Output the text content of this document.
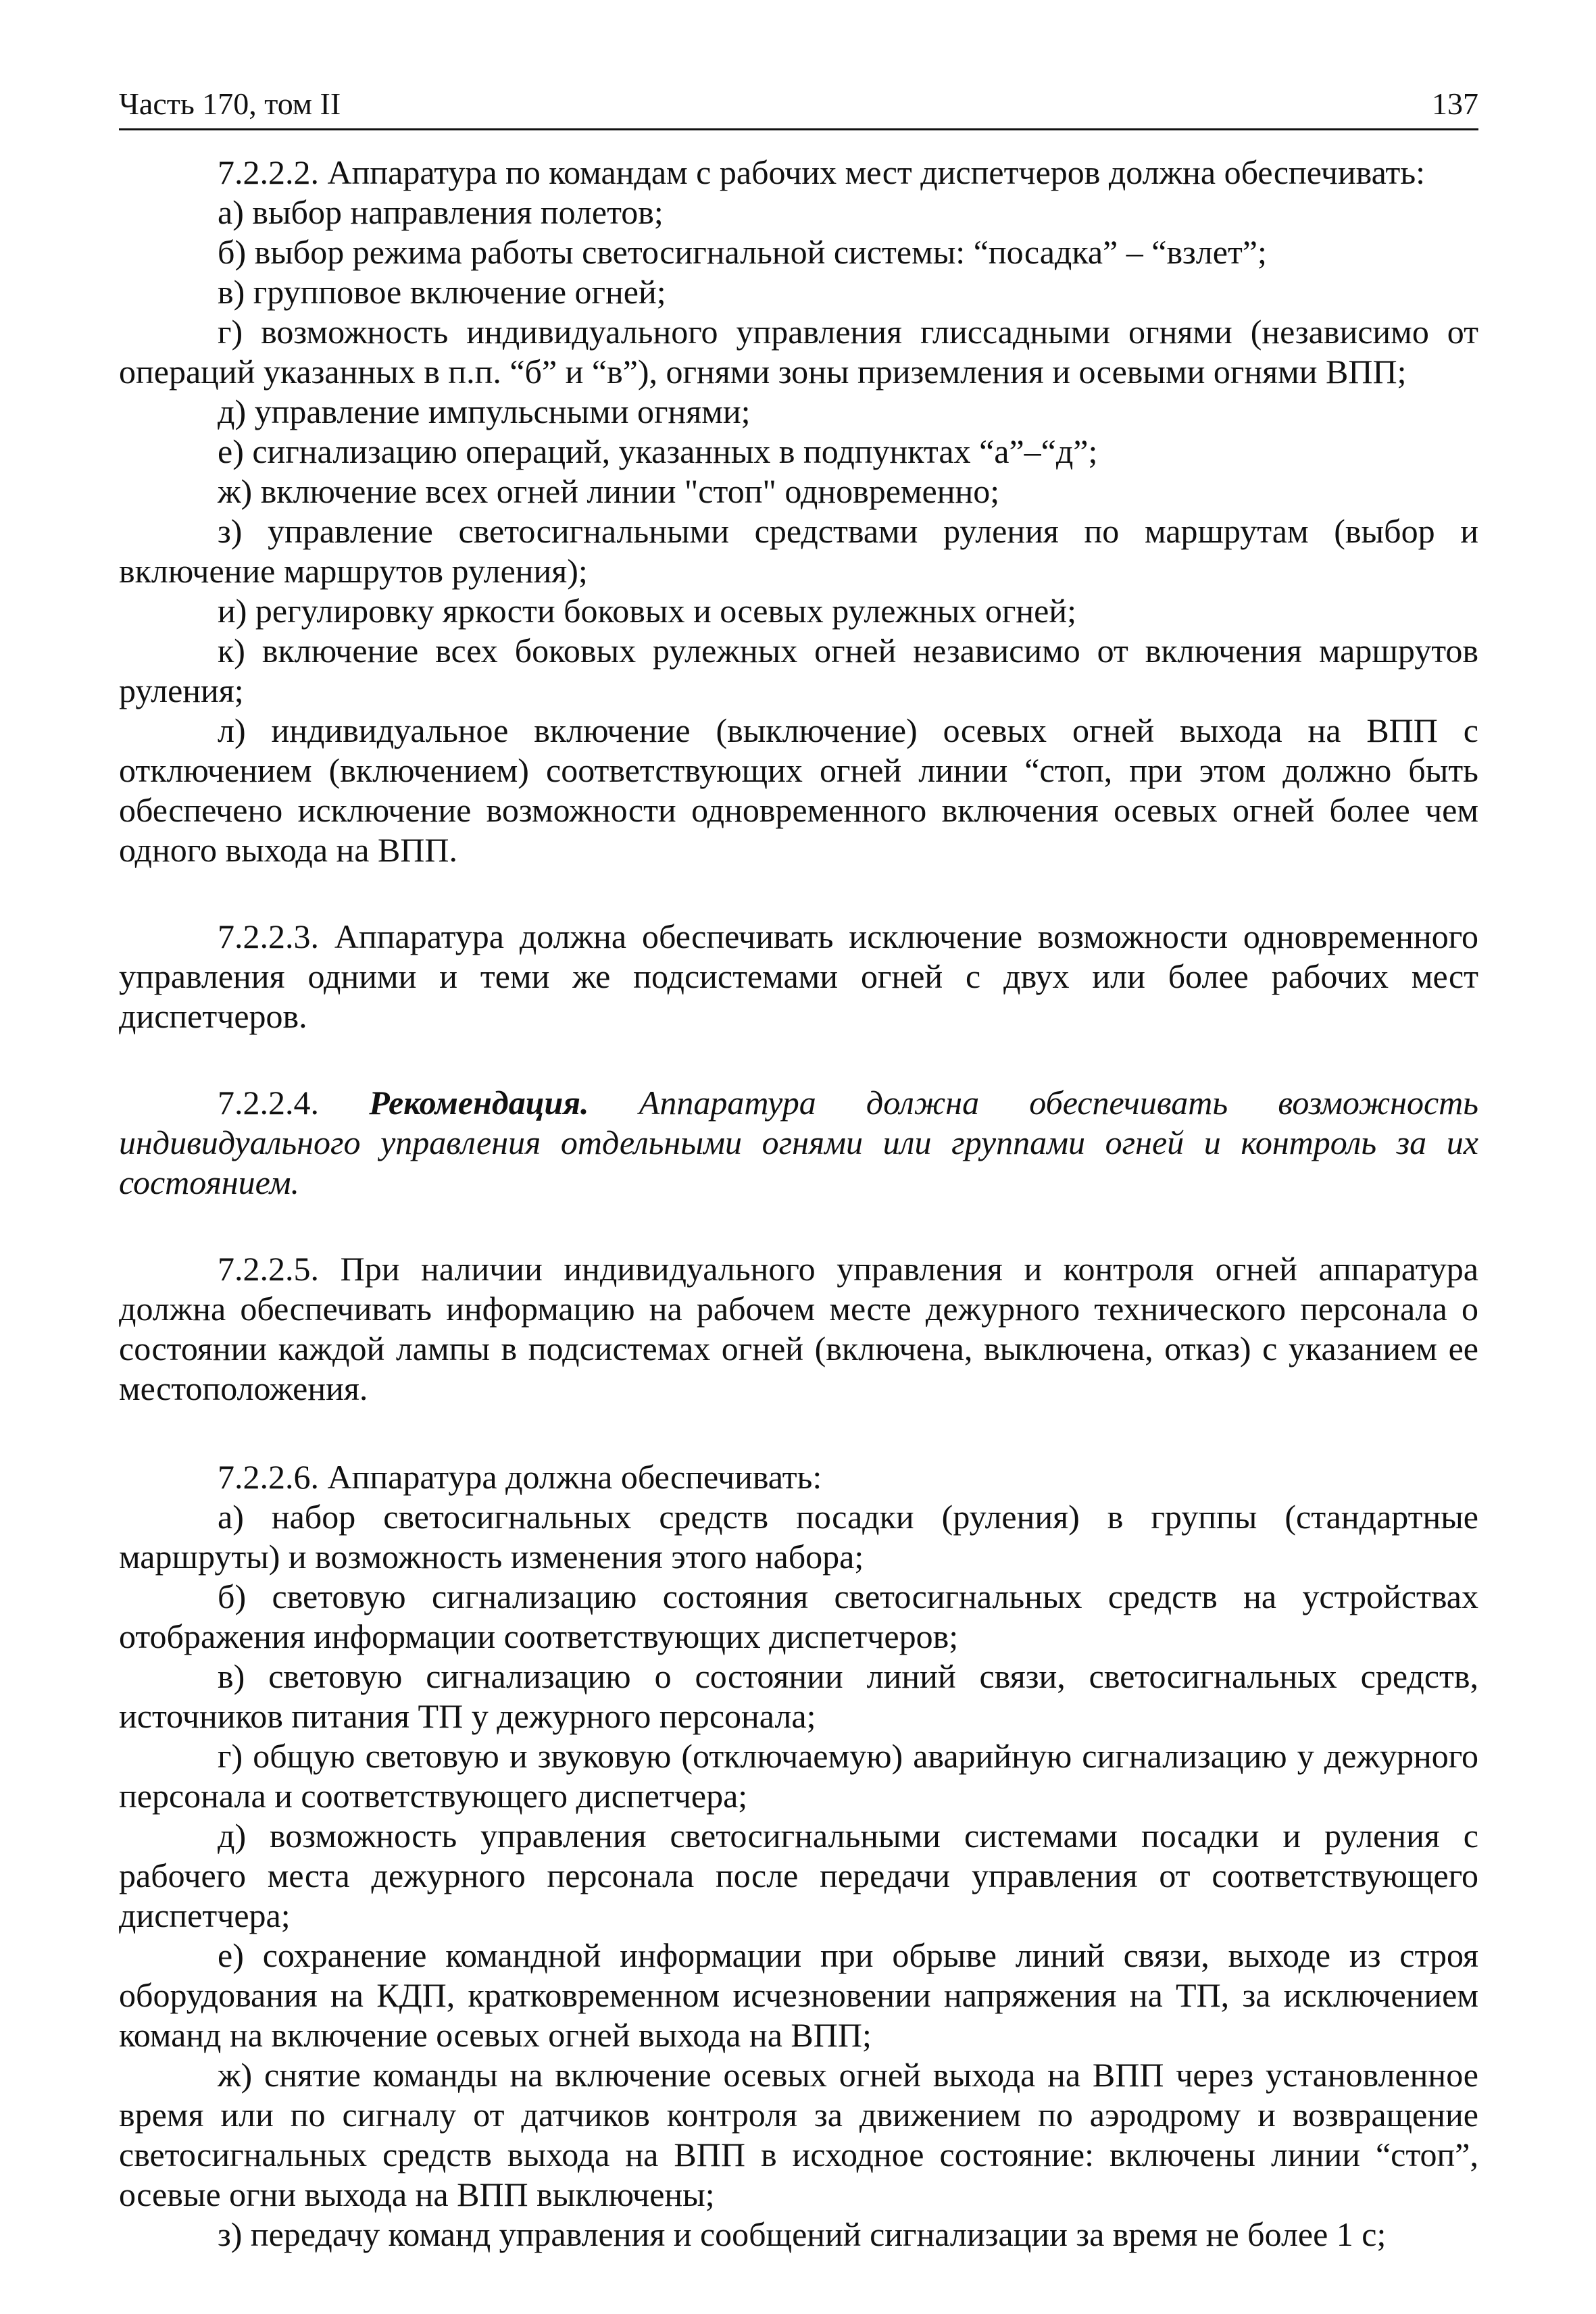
Часть 170, том II	137

7.2.2.2. Аппаратура по командам с рабочих мест диспетчеров должна обеспечивать:

а) выбор направления полетов;

б) выбор режима работы светосигнальной системы: “посадка” – “взлет”;

в) групповое включение огней;

г) возможность индивидуального управления глиссадными огнями (независимо от операций указанных в п.п. “б” и “в”), огнями зоны приземления и осевыми огнями ВПП;

д) управление импульсными огнями;

е) сигнализацию операций, указанных в подпунктах “а”–“д”;

ж) включение всех огней линии "стоп" одновременно;

з) управление светосигнальными средствами руления по маршрутам (выбор и включение маршрутов руления);

и) регулировку яркости боковых и осевых рулежных огней;

к) включение всех боковых рулежных огней независимо от включения маршрутов руления;

л) индивидуальное включение (выключение) осевых огней выхода на ВПП с отключением (включением) соответствующих огней линии “стоп, при этом должно быть обеспечено исключение возможности одновременного включения осевых огней более чем одного выхода на ВПП.

7.2.2.3. Аппаратура должна обеспечивать исключение возможности одновременного управления одними и теми же подсистемами огней с двух или более рабочих мест диспетчеров.

7.2.2.4. Рекомендация. Аппаратура должна обеспечивать возможность индивидуального управления отдельными огнями или группами огней и контроль за их состоянием.

7.2.2.5. При наличии индивидуального управления и контроля огней аппаратура должна обеспечивать информацию на рабочем месте дежурного технического персонала о состоянии каждой лампы в подсистемах огней (включена, выключена, отказ) с указанием ее местоположения.

7.2.2.6. Аппаратура должна обеспечивать:

а) набор светосигнальных средств посадки (руления) в группы (стандартные маршруты) и возможность изменения этого набора;

б) световую сигнализацию состояния светосигнальных средств на устройствах отображения информации соответствующих диспетчеров;

в) световую сигнализацию о состоянии линий связи, светосигнальных средств, источников питания ТП у дежурного персонала;

г) общую световую и звуковую (отключаемую) аварийную сигнализацию у дежурного персонала и соответствующего диспетчера;

д) возможность управления светосигнальными системами посадки и руления с рабочего места дежурного персонала после передачи управления от соответствующего диспетчера;

е) сохранение командной информации при обрыве линий связи, выходе из строя оборудования на КДП, кратковременном исчезновении напряжения на ТП, за исключением команд на включение осевых огней выхода на ВПП;

ж) снятие команды на включение осевых огней выхода на ВПП через установленное время или по сигналу от датчиков контроля за движением по аэродрому и возвращение светосигнальных средств выхода на ВПП в исходное состояние: включены линии “стоп”, осевые огни выхода на ВПП выключены;

з) передачу команд управления и сообщений сигнализации за время не более 1 с;
